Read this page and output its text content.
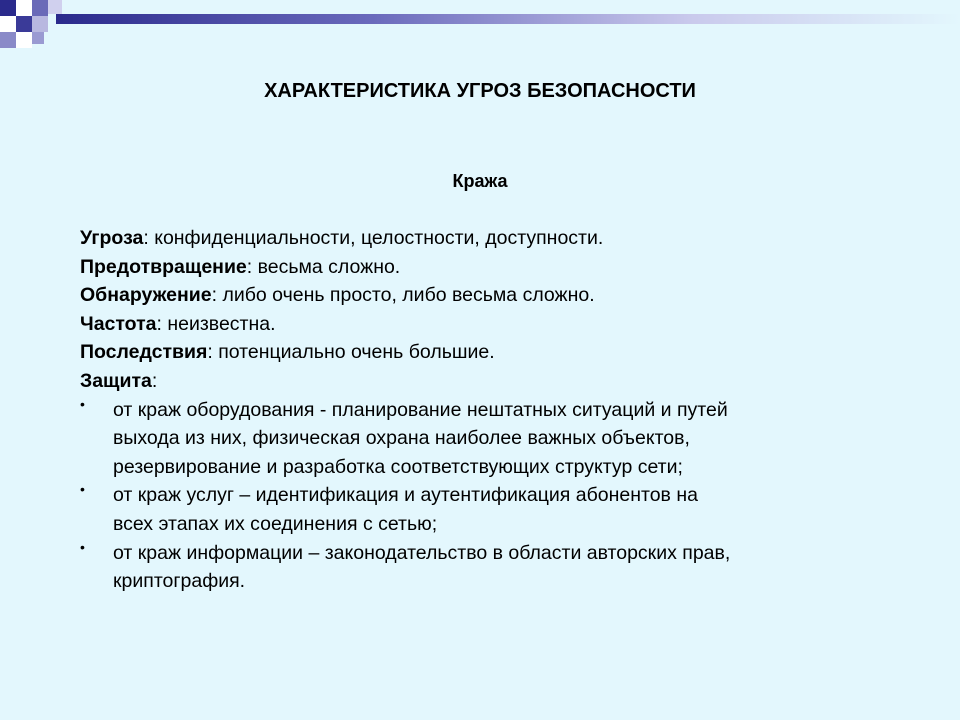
ХАРАКТЕРИСТИКА УГРОЗ БЕЗОПАСНОСТИ
Кража
Угроза: конфиденциальности, целостности, доступности.
Предотвращение: весьма сложно.
Обнаружение: либо очень просто, либо весьма сложно.
Частота: неизвестна.
Последствия: потенциально очень большие.
Защита:
• от краж оборудования - планирование нештатных ситуаций и путей
выхода из них, физическая охрана наиболее важных объектов,
резервирование и разработка соответствующих структур сети;
• от краж услуг – идентификация и аутентификация абонентов на
всех этапах их соединения с сетью;
• от краж информации – законодательство в области авторских прав,
криптография.
